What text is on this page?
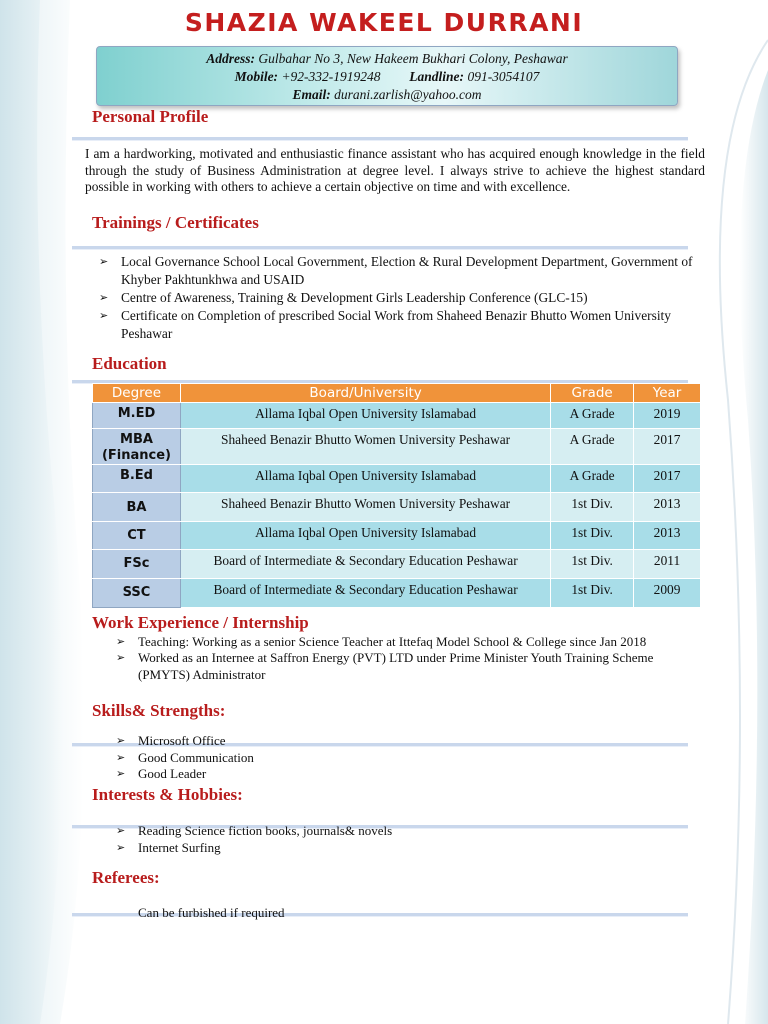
SHAZIA WAKEEL DURRANI
Address: Gulbahar No 3, New Hakeem Bukhari Colony, Peshawar
Mobile: +92-332-1919248 Landline: 091-3054107
Email: durani.zarlish@yahoo.com
Personal Profile
I am a hardworking, motivated and enthusiastic finance assistant who has acquired enough knowledge in the field through the study of Business Administration at degree level. I always strive to achieve the highest standard possible in working with others to achieve a certain objective on time and with excellence.
Trainings / Certificates
➢ Local Governance School Local Government, Election & Rural Development Department, Government of Khyber Pakhtunkhwa and USAID
➢ Centre of Awareness, Training & Development Girls Leadership Conference (GLC-15)
➢ Certificate on Completion of prescribed Social Work from Shaheed Benazir Bhutto Women University Peshawar
Education
Degree	Board/University	Grade	Year
M.ED	Allama Iqbal Open University Islamabad	A Grade	2019
MBA (Finance)	Shaheed Benazir Bhutto Women University Peshawar	A Grade	2017
B.Ed	Allama Iqbal Open University Islamabad	A Grade	2017
BA	Shaheed Benazir Bhutto Women University Peshawar	1st Div.	2013
CT	Allama Iqbal Open University Islamabad	1st Div.	2013
FSc	Board of Intermediate & Secondary Education Peshawar	1st Div.	2011
SSC	Board of Intermediate & Secondary Education Peshawar	1st Div.	2009
Work Experience / Internship
➢ Teaching: Working as a senior Science Teacher at Ittefaq Model School & College since Jan 2018
➢ Worked as an Internee at Saffron Energy (PVT) LTD under Prime Minister Youth Training Scheme (PMYTS) Administrator
Skills& Strengths:
➢ Microsoft Office
➢ Good Communication
➢ Good Leader
Interests & Hobbies:
➢ Reading Science fiction books, journals& novels
➢ Internet Surfing
Referees:
Can be furbished if required
